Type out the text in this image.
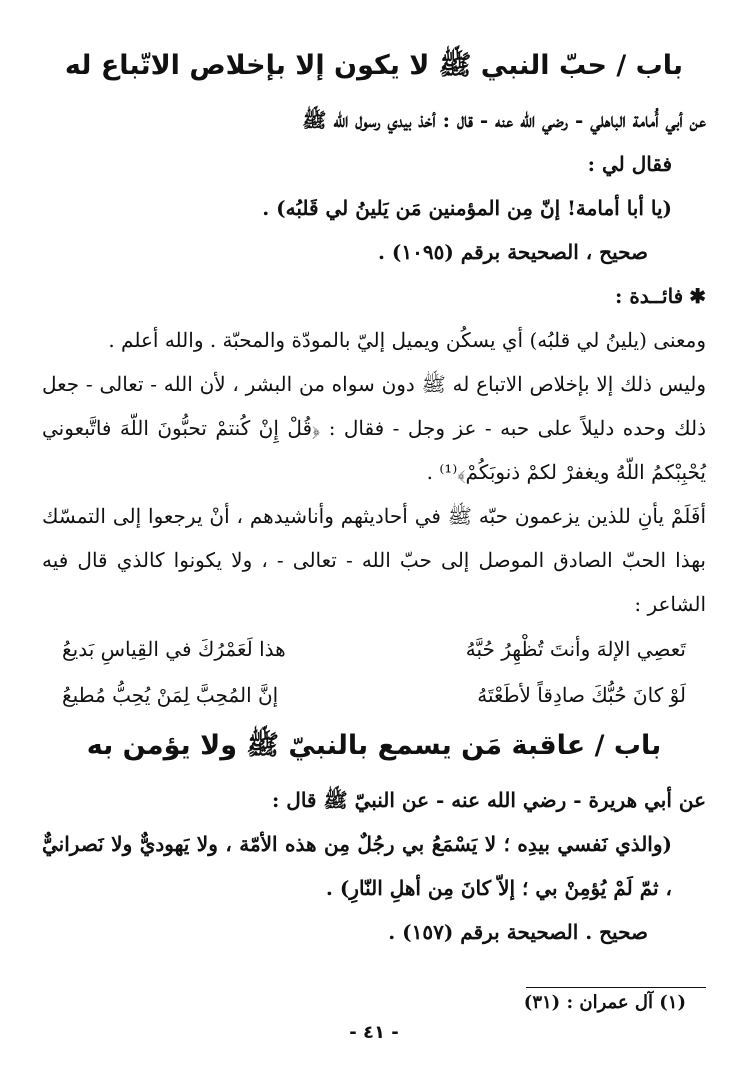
باب / حبّ النبي ﷺ لا يكون إلا بإخلاص الاتّباع له

عن أبي أُمامة الباهلي - رضي الله عنه - قال : أخذ بيدي رسول الله ﷺ

فقال لي :

(يا أبا أمامة! إنّ مِن المؤمنين مَن يَلينُ لي قَلبُه) .

صحيح ، الصحيحة برقم (١٠٩٥) .

✱فائــدة :

ومعنى (يلينُ لي قلبُه) أي يسكُن ويميل إليّ بالمودّة والمحبّة . والله أعلم .

وليس ذلك إلا بإخلاص الاتباع له ﷺ دون سواه من البشر ، لأن الله - تعالى - جعل ذلك وحده دليلاً على حبه - عز وجل - فقال : ﴿قُلْ إِنْ كُنتمْ تحبُّونَ اللّهَ فاتَّبعوني يُحْبِبْكمُ اللّهُ ويغفرْ لكمْ ذنوبَكُمْ﴾⁽¹⁾ .

أفَلَمْ يأنِ للذين يزعمون حبّه ﷺ في أحاديثهم وأناشيدهم ، أنْ يرجعوا إلى التمسّك بهذا الحبّ الصادق الموصل إلى حبّ الله - تعالى - ، ولا يكونوا كالذي قال فيه الشاعر :

تَعصِي الإلهَ وأنتَ تُظْهِرُ حُبَّهُ
هذا لَعَمْرُكَ في القِياسِ بَديعُ
لَوْ كانَ حُبُّكَ صادِقاً لأطَعْتَهُ
إنَّ المُحِبَّ لِمَنْ يُحِبُّ مُطيعُ
باب / عاقبة مَن يسمع بالنبيّ ﷺ ولا يؤمن به

عن أبي هريرة - رضي الله عنه - عن النبيّ ﷺ قال :

(والذي نَفسي بيدِه ؛ لا يَسْمَعُ بي رجُلٌ مِن هذه الأمّة ، ولا يَهوديٌّ ولا نَصرانيٌّ ، ثمّ لَمْ يُؤمِنْ بي ؛ إلاّ كانَ مِن أهلِ النّارِ) .

صحيح . الصحيحة برقم (١٥٧) .

(١) آل عمران : (٣١)
- ٤١ -
